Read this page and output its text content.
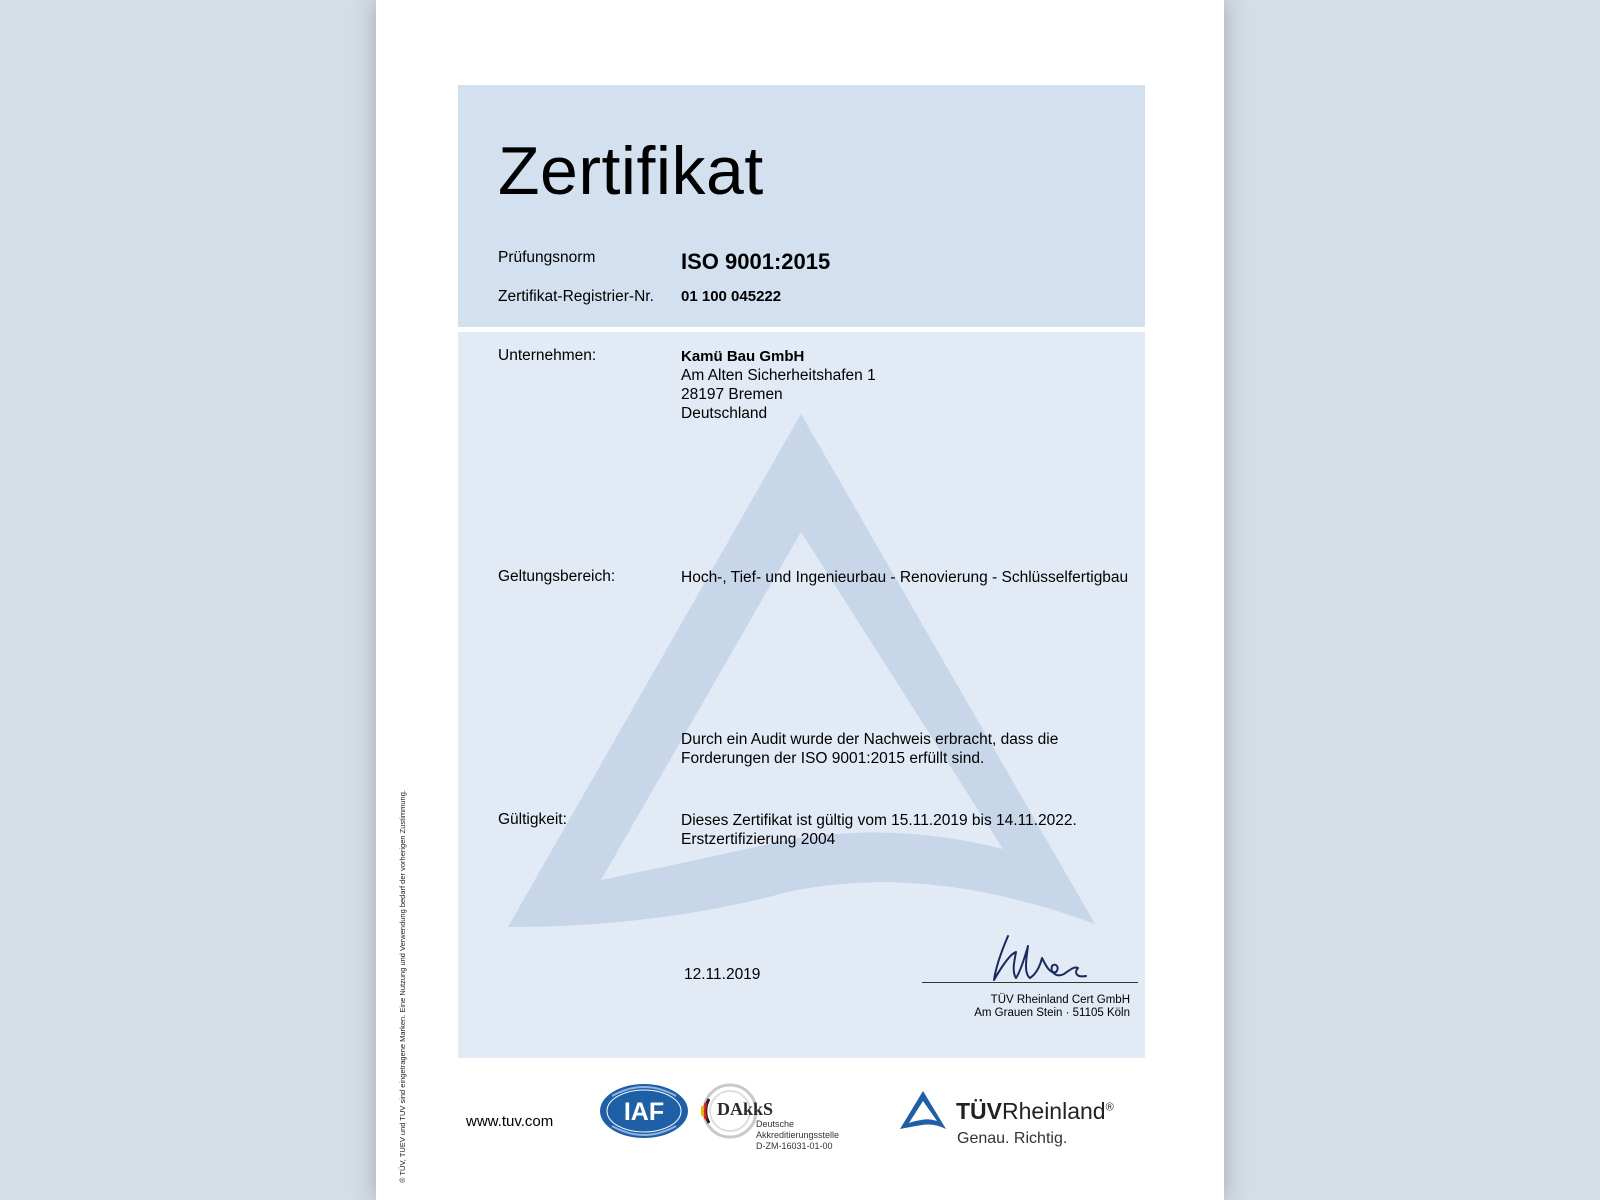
Zertifikat
Prüfungsnorm	ISO 9001:2015
Zertifikat-Registrier-Nr. 01 100 045222
Unternehmen:	Kamü Bau GmbH
Am Alten Sicherheitshafen 1
28197 Bremen
Deutschland
Geltungsbereich:	Hoch-, Tief- und Ingenieurbau - Renovierung - Schlüsselfertigbau
Durch ein Audit wurde der Nachweis erbracht, dass die
Forderungen der ISO 9001:2015 erfüllt sind.
Gültigkeit:	Dieses Zertifikat ist gültig vom 15.11.2019 bis 14.11.2022.
Erstzertifizierung 2004
12.11.2019
TÜV Rheinland Cert GmbH
Am Grauen Stein · 51105 Köln
® TÜV, TUEV und TUV sind eingetragene Marken. Eine Nutzung und Verwendung bedarf der vorherigen Zustimmung.	www.tuv.com	IAF	DAkkS
Deutsche
Akkreditierungsstelle
D-ZM-16031-01-00
TÜVRheinland®
Genau. Richtig.
